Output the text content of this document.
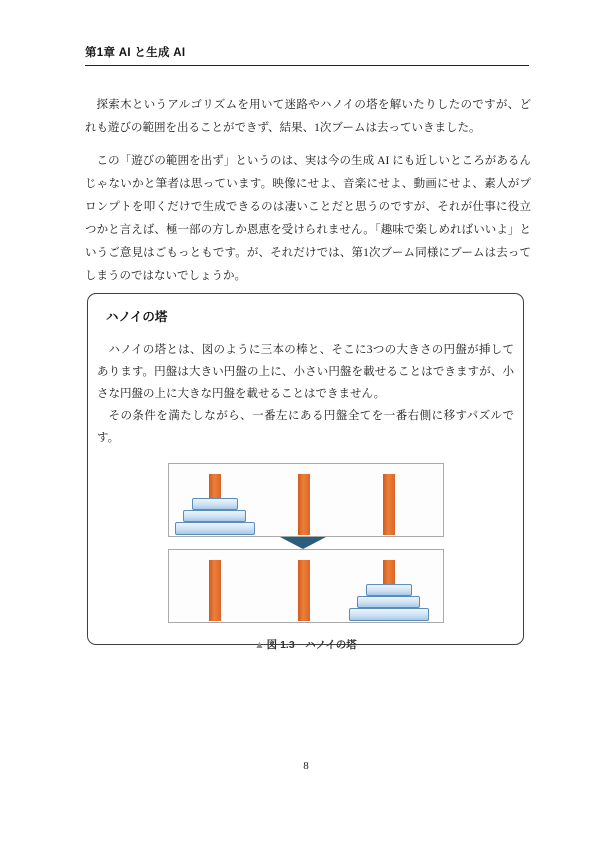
第1章 AI と生成 AI

探索木というアルゴリズムを用いて迷路やハノイの塔を解いたりしたのですが、どれも遊びの範囲を出ることができず、結果、1次ブームは去っていきました。

この「遊びの範囲を出ず」というのは、実は今の生成 AI にも近しいところがあるんじゃないかと筆者は思っています。映像にせよ、音楽にせよ、動画にせよ、素人がプロンプトを叩くだけで生成できるのは凄いことだと思うのですが、それが仕事に役立つかと言えば、極一部の方しか恩恵を受けられません。「趣味で楽しめればいいよ」というご意見はごもっともです。が、それだけでは、第1次ブーム同様にブームは去ってしまうのではないでしょうか。

ハノイの塔

ハノイの塔とは、図のように三本の棒と、そこに3つの大きさの円盤が挿してあります。円盤は大きい円盤の上に、小さい円盤を載せることはできますが、小さな円盤の上に大きな円盤を載せることはできません。

その条件を満たしながら、一番左にある円盤全てを一番右側に移すパズルです。

▲ 図 1.3　ハノイの塔
8
